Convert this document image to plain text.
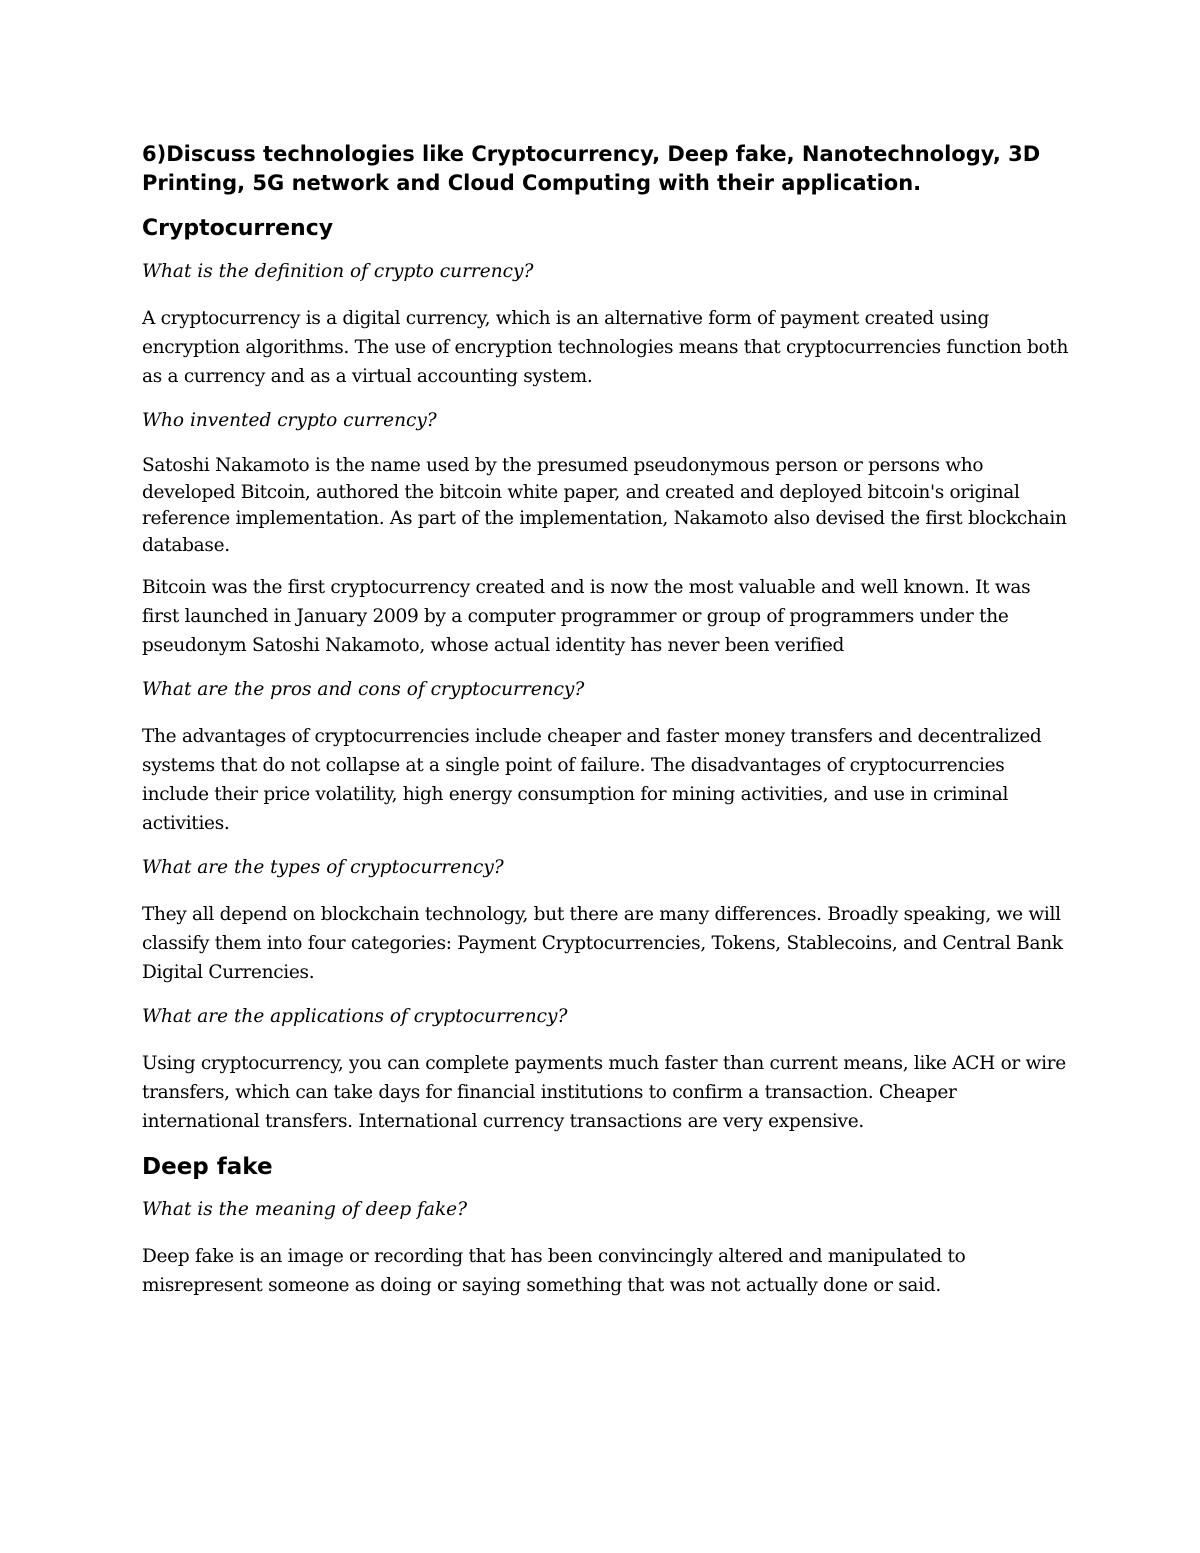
6)Discuss technologies like Cryptocurrency, Deep fake, Nanotechnology, 3D Printing, 5G network and Cloud Computing with their application.
Cryptocurrency

What is the definition of crypto currency?

A cryptocurrency is a digital currency, which is an alternative form of payment created using encryption algorithms. The use of encryption technologies means that cryptocurrencies function both as a currency and as a virtual accounting system.

Who invented crypto currency?

Satoshi Nakamoto is the name used by the presumed pseudonymous person or persons who developed Bitcoin, authored the bitcoin white paper, and created and deployed bitcoin's original reference implementation. As part of the implementation, Nakamoto also devised the first blockchain database.

Bitcoin was the first cryptocurrency created and is now the most valuable and well known. It was first launched in January 2009 by a computer programmer or group of programmers under the pseudonym Satoshi Nakamoto, whose actual identity has never been verified

What are the pros and cons of cryptocurrency?

The advantages of cryptocurrencies include cheaper and faster money transfers and decentralized systems that do not collapse at a single point of failure. The disadvantages of cryptocurrencies include their price volatility, high energy consumption for mining activities, and use in criminal activities.

What are the types of cryptocurrency?

They all depend on blockchain technology, but there are many differences. Broadly speaking, we will classify them into four categories: Payment Cryptocurrencies, Tokens, Stablecoins, and Central Bank Digital Currencies.

What are the applications of cryptocurrency?

Using cryptocurrency, you can complete payments much faster than current means, like ACH or wire transfers, which can take days for financial institutions to confirm a transaction. Cheaper international transfers. International currency transactions are very expensive.

Deep fake

What is the meaning of deep fake?

Deep fake is an image or recording that has been convincingly altered and manipulated to misrepresent someone as doing or saying something that was not actually done or said.
